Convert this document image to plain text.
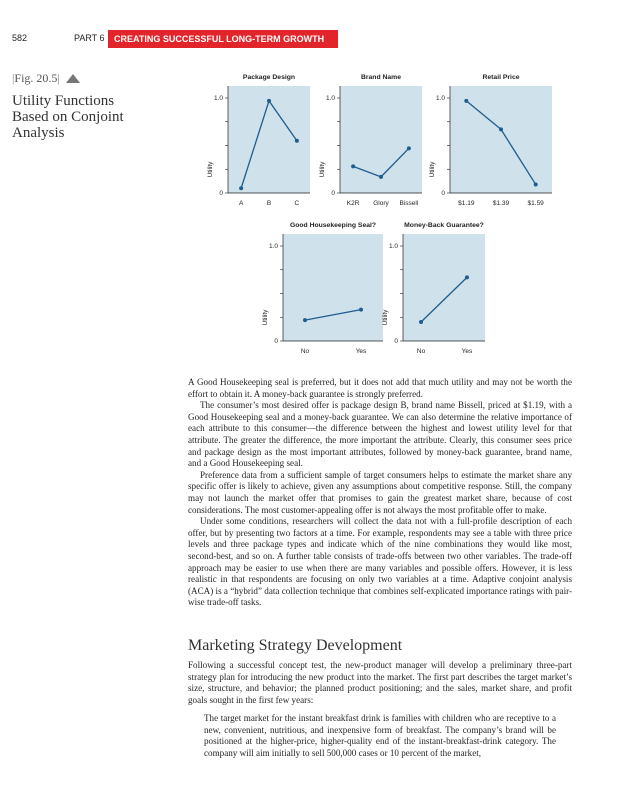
582	PART 6	CREATING SUCCESSFUL LONG-TERM GROWTH
|Fig. 20.5|
Utility Functions
Based on Conjoint
Analysis
1.0
0
Utility
Package Design
A	B	C
1.0
0
Utility
Brand Name
K2R Glory Bissell
1.0
0
Utility
Retail Price
$1.19	$1.39	$1.59
1.0
0
Utility
Good Housekeeping Seal?
No	Yes
1.0
0
Utility
Money-Back Guarantee?
No	Yes

A Good Housekeeping seal is preferred, but it does not add that much utility and may not be worth the effort to obtain it. A money-back guarantee is strongly preferred.

The consumer’s most desired offer is package design B, brand name Bissell, priced at $1.19, with a Good Housekeeping seal and a money-back guarantee. We can also determine the relative importance of each attribute to this consumer—the difference between the highest and lowest utility level for that attribute. The greater the difference, the more important the attribute. Clearly, this consumer sees price and package design as the most important attributes, followed by money-back guarantee, brand name, and a Good Housekeeping seal.

Preference data from a sufficient sample of target consumers helps to estimate the market share any specific offer is likely to achieve, given any assumptions about competitive response. Still, the company may not launch the market offer that promises to gain the greatest market share, because of cost considerations. The most customer-appealing offer is not always the most profitable offer to make.

Under some conditions, researchers will collect the data not with a full-profile description of each offer, but by presenting two factors at a time. For example, respondents may see a table with three price levels and three package types and indicate which of the nine combinations they would like most, second-best, and so on. A further table consists of trade-offs between two other variables. The trade-off approach may be easier to use when there are many variables and possible offers. However, it is less realistic in that respondents are focusing on only two variables at a time. Adaptive conjoint analysis (ACA) is a “hybrid” data collection technique that combines self-explicated importance ratings with pair-wise trade-off tasks.

Marketing Strategy Development

Following a successful concept test, the new-product manager will develop a preliminary three-part strategy plan for introducing the new product into the market. The first part describes the target market’s size, structure, and behavior; the planned product positioning; and the sales, market share, and profit goals sought in the first few years:

The target market for the instant breakfast drink is families with children who are receptive to a new, convenient, nutritious, and inexpensive form of breakfast. The company’s brand will be positioned at the higher-price, higher-quality end of the instant-breakfast-drink category. The company will aim initially to sell 500,000 cases or 10 percent of the market,
